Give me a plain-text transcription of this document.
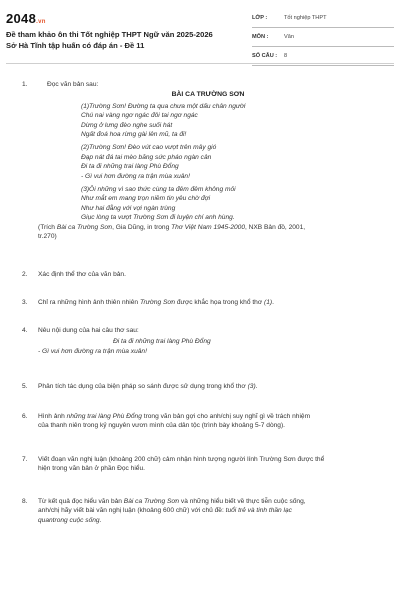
2048.vn
Đề tham khảo ôn thi Tốt nghiệp THPT Ngữ văn 2025-2026
Sở Hà Tĩnh tập huấn có đáp án - Đề 11
LỚP :	Tốt nghiệp THPT
MÔN :	Văn
SỐ CÂU : 8
1.	Đọc văn bản sau:
BÀI CA TRƯỜNG SƠN
(1)Trường Sơn! Đường ta qua chưa một dấu chân người
Chú nai vàng ngơ ngác đôi tai ngơ ngác
Dừng ở lưng đèo nghe suối hát
Ngất đoá hoa rừng gài lên mũ, ta đi!
(2)Trường Sơn! Đèo vút cao vượt trên mây gió
Đạp nát đá tai mèo băng sức pháo ngàn cân
Đi ta đi những trai làng Phù Đổng
- Gì vui hơn đường ra trận mùa xuân!
(3)Ôi những vì sao thức cùng ta đêm đêm không mỏi
Như mắt em mang trọn niềm tin yêu chờ đợi
Như hai đằng với vợi ngàn trùng
Giục lòng ta vượt Trường Sơn đi luyện chí anh hùng.
(Trích Bài ca Trường Sơn, Gia Dũng, in trong Thơ Việt Nam 1945-2000, NXB Bản đồ, 2001,
tr.270)
2. Xác định thể thơ của văn bản.
3. Chỉ ra những hình ảnh thiên nhiên Trường Sơn được khắc họa trong khổ thơ (1).
4. Nêu nội dung của hai câu thơ sau:
Đi ta đi những trai làng Phù Đổng
- Gì vui hơn đường ra trận mùa xuân!
5. Phân tích tác dụng của biện pháp so sánh được sử dụng trong khổ thơ (3).
6. Hình ảnh những trai làng Phù Đổng trong văn bản gợi cho anh/chị suy nghĩ gì về trách nhiệm
của thanh niên trong kỷ nguyên vươn mình của dân tộc (trình bày khoảng 5-7 dòng).
7. Viết đoạn văn nghị luận (khoảng 200 chữ) cảm nhận hình tượng người lính Trường Sơn được thể
hiện trong văn bản ở phần Đọc hiểu.
8. Từ kết quả đọc hiểu văn bản Bài ca Trường Sơn và những hiểu biết về thực tiễn cuộc sống,
anh/chị hãy viết bài văn nghị luận (khoảng 600 chữ) với chủ đề: tuổi trẻ và tinh thần lạc
quantrong cuộc sống.
